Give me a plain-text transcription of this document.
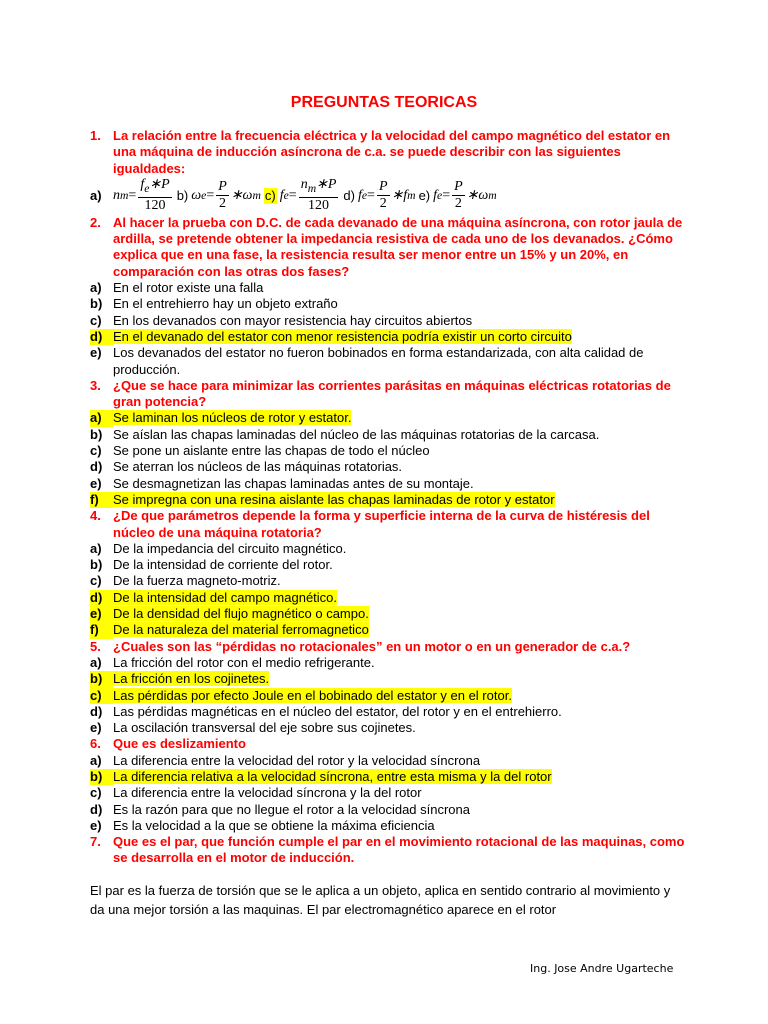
PREGUNTAS TEORICAS
1. La relación entre la frecuencia eléctrica y la velocidad del campo magnético del estator en una máquina de inducción asíncrona de c.a. se puede describir con las siguientes igualdades:
a) n $m = \frac{f_e∗P}{120} b$) ω $e = \frac{P}{2}$ ∗ω m c) f $e = \frac{n_m∗P}{120} d$) f $e = \frac{P}{2}$ ∗f m e) f $e = \frac{P}{2}$ ∗ω m
2. Al hacer la prueba con D.C. de cada devanado de una máquina asíncrona, con rotor jaula de ardilla, se pretende obtener la impedancia resistiva de cada uno de los devanados. ¿Cómo explica que en una fase, la resistencia resulta ser menor entre un 15% y un 20%, en comparación con las otras dos fases?
a) En el rotor existe una falla
b) En el entrehierro hay un objeto extraño
c) En los devanados con mayor resistencia hay circuitos abiertos
d) En el devanado del estator con menor resistencia podría existir un corto circuito
e) Los devanados del estator no fueron bobinados en forma estandarizada, con alta calidad de producción.
3. ¿Que se hace para minimizar las corrientes parásitas en máquinas eléctricas rotatorias de gran potencia?
a) Se laminan los núcleos de rotor y estator.
b) Se aíslan las chapas laminadas del núcleo de las máquinas rotatorias de la carcasa.
c) Se pone un aislante entre las chapas de todo el núcleo
d) Se aterran los núcleos de las máquinas rotatorias.
e) Se desmagnetizan las chapas laminadas antes de su montaje.
f)	Se impregna con una resina aislante las chapas laminadas de rotor y estator
4. ¿De que parámetros depende la forma y superficie interna de la curva de histéresis del núcleo de una máquina rotatoria?
a) De la impedancia del circuito magnético.
b) De la intensidad de corriente del rotor.
c) De la fuerza magneto-motriz.
d) De la intensidad del campo magnético.
e) De la densidad del flujo magnético o campo.
f)	De la naturaleza del material ferromagnetico
5. ¿Cuales son las “pérdidas no rotacionales” en un motor o en un generador de c.a.?
a) La fricción del rotor con el medio refrigerante.
b) La fricción en los cojinetes.
c) Las pérdidas por efecto Joule en el bobinado del estator y en el rotor.
d) Las pérdidas magnéticas en el núcleo del estator, del rotor y en el entrehierro.
e) La oscilación transversal del eje sobre sus cojinetes.
6. Que es deslizamiento
a) La diferencia entre la velocidad del rotor y la velocidad síncrona
b) La diferencia relativa a la velocidad síncrona, entre esta misma y la del rotor
c) La diferencia entre la velocidad síncrona y la del rotor
d) Es la razón para que no llegue el rotor a la velocidad síncrona
e) Es la velocidad a la que se obtiene la máxima eficiencia
7. Que es el par, que función cumple el par en el movimiento rotacional de las maquinas, como se desarrolla en el motor de inducción.
El par es la fuerza de torsión que se le aplica a un objeto, aplica en sentido contrario al movimiento y da una mejor torsión a las maquinas. El par electromagnético aparece en el rotor
Ing. Jose Andre Ugarteche
